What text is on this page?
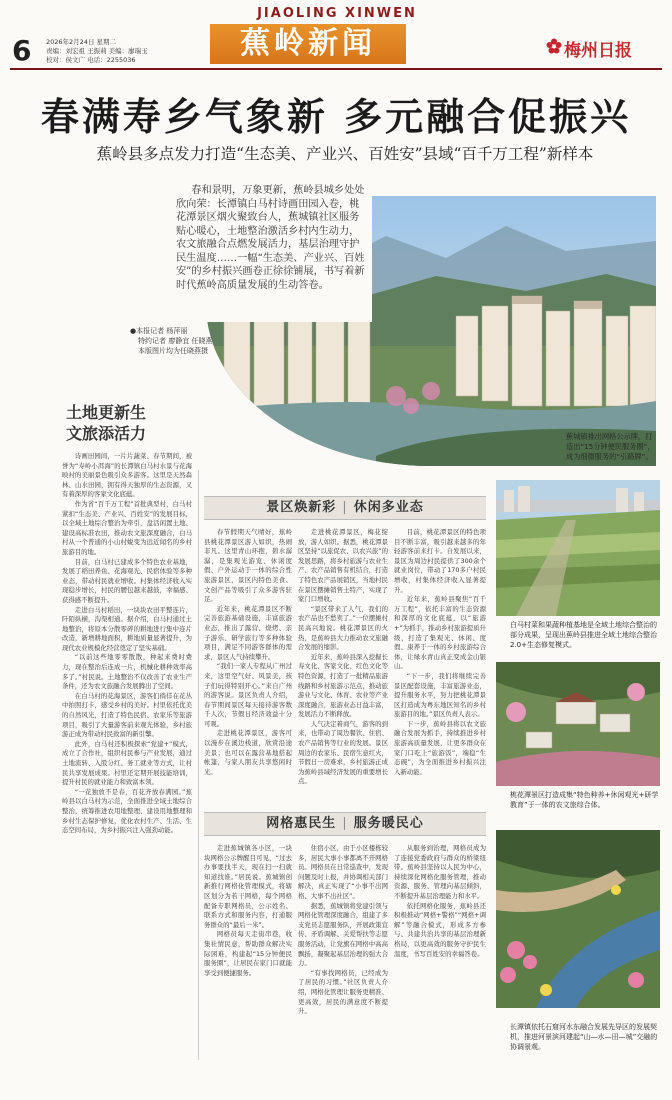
6 2026年2月24日 星期二
责编：刘宏祖 王振莉 美编：廖瑞玉
校对：侯文广 电话：2255036
JIAOLING XINWEN
蕉岭新闻	梅州日报
春满寿乡气象新 多元融合促振兴
蕉岭县多点发力打造“生态美、产业兴、百姓安”县域“百千万工程”新样本
蕉城镇推出网格公示牌，打造出“15分钟便民服务圈”，成为细微服务的“引路牌”。

春和景明，万象更新，蕉岭县城乡处处欣向荣：长潭镇白马村诗画田园入卷，桃花潭景区烟火聚致台人，蕉城镇社区服务贴心暖心，土地整治激活乡村内生动力，农文旅融合点燃发展活力，基层治理守护民生温度……一幅“生态美、产业兴、百姓安”的乡村振兴画卷正徐徐铺展，书写着新时代蕉岭高质量发展的生动答卷。

●本报记者 杨萍丽
特约记者 廖静宜 任晓燕
本版图片均为任晓燕摄
土地更新生
文旅添活力

诗画田园间，一片片蔬菜、春节期间，被誉为“寿岭小洱海”的长潭镇白马村水景与花海映衬的美丽景色吸引众多游客。这里是天然森林、山水田园，拥有得天独厚的生态资源，又有着深厚的客家文化底蕴。

作为省“百千万工程”首批典型村，白马村紧扣“生态美、产业兴、百姓安”的发展目标，以全域土地综合整治为牵引，盘活闲置土地、建设高标准农田，推动农文旅深度融合，白马村从一个普通的小山村蜕变为远近闻名的乡村旅游目的地。

目前，白马村已建成多个特色农业基地，发展了稻田养鱼、花海观光、民宿体验等多种业态，带动村民就业增收。村集体经济收入实现稳步增长，村民的腰包越来越鼓，幸福感、获得感不断提升。

走进白马村稻田，一块块农田平整连片，阡陌纵横，沟渠相通。据介绍，白马村通过土地整治，将原本分散零碎的耕地进行集中连片改造，新增耕地面积，耕地质量显著提升，为现代农业规模化经营奠定了坚实基础。

“以前这些地零零散散，种起来费时费力，现在整治后连成一片，机械化耕种效率高多了。”村民说。土地整治不仅改善了农业生产条件，还为农文旅融合发展腾出了空间。

在白马村的花海景区，游客们徜徉在花丛中拍照打卡，感受乡村的美好。村里依托优美的自然风光，打造了特色民宿、农家乐等旅游项目，吸引了大量游客前来观光体验，乡村旅游正成为带动村民致富的新引擎。

此外，白马村还积极探索“党建+”模式，成立了合作社，组织村民参与产业发展，通过土地流转、入股分红、务工就业等方式，让村民共享发展成果。村里还定期开展技能培训，提升村民的就业能力和致富本领。

“一花独放不是春，百花齐放春满园。”蕉岭县以白马村为示范，全面推进全域土地综合整治，统筹推进农用地整理、建设用地整理和乡村生态保护修复，优化农村生产、生活、生态空间布局，为乡村振兴注入强劲动能。

景区焕新彩 | 休闲多业态

春节假期天气晴好，蕉岭县桃花潭景区游人如织，热闹非凡。这里青山环抱，碧水潺潺，是集观光游览、休闲度假、户外运动于一体的综合性旅游景区，景区内特色美食、文创产品等吸引了众多游客驻足。

近年来，桃花潭景区不断完善旅游基础设施，丰富旅游业态，推出了露营、烧烤、亲子游乐、研学旅行等多种体验项目，满足不同游客群体的需求，景区人气持续攀升。

“我们一家人专程从广州过来，这里空气好、风景美，孩子们玩得特别开心。”来自广州的游客说。景区负责人介绍，春节期间景区每天接待游客数千人次，节假日经济效益十分可观。

走进桃花潭景区，游客可以漫步在溪边栈道，欣赏沿途美景；也可以在露营基地搭起帐篷，与家人朋友共享悠闲时光。

走进桃花潭景区，梅花绽放，游人如织。据悉，桃花潭景区坚持“以旅促农、以农兴旅”的发展思路，将乡村旅游与农业生产、农产品销售有机结合，打造了特色农产品展销区，当地村民在景区摆摊销售土特产，实现了家门口增收。

“景区带来了人气，我们的农产品也不愁卖了。”一位摆摊村民高兴地说。桃花潭景区的火热，是蕉岭县大力推动农文旅融合发展的缩影。

近年来，蕉岭县深入挖掘长寿文化、客家文化、红色文化等特色资源，打造了一批精品旅游线路和乡村旅游示范点，推动旅游业与文化、体育、农业等产业深度融合，旅游业态日益丰富，发展活力不断释放。

人气决定着商气，游客的到来，也带动了周边餐饮、住宿、农产品销售等行业的发展。景区周边的农家乐、民宿生意红火，节假日一房难求，乡村旅游正成为蕉岭县域经济发展的重要增长点。

目前，桃花潭景区的特色项目不断丰富，吸引越来越多的年轻游客前来打卡。自发展以来，景区为周边村民提供了300余个就业岗位，带动了170多户村民增收，村集体经济收入显著提升。

近年来，蕉岭县聚焦“百千万工程”，依托丰富的生态资源和深厚的文化底蕴，以“旅游+”为抓手，推动乡村旅游提质升级，打造了集观光、休闲、度假、康养于一体的乡村旅游综合体，让绿水青山真正变成金山银山。

“下一步，我们将继续完善景区配套设施，丰富旅游业态，提升服务水平，努力把桃花潭景区打造成为粤东地区知名的乡村旅游目的地。”景区负责人表示。

下一步，蕉岭县将以农文旅融合发展为抓手，持续推进乡村旅游高质量发展，让更多群众在家门口吃上“旅游饭”，端稳“生态碗”，为全面推进乡村振兴注入新动能。

白马村菜和果蔬种植基地是全域土地综合整治的部分成果，呈现出蕉岭县推进全域土地综合整治2.0+生态修复模式。
桃花潭景区打造成集“特色种养+休闲观光+研学教育”于一体的农文旅综合体。
网格惠民生 | 服务暖民心

走进蕉城镇各小区，一块块网格公示牌醒目可见，“过去办事要找半天，现在扫一扫就知道找谁。”居民说。蕉城镇创新推行网格化管理模式，将辖区划分为若干网格，每个网格配备专职网格员，公示姓名、联系方式和服务内容，打通服务群众的“最后一米”。

网格员每天走街串巷，收集社情民意，帮助群众解决实际困难，构建起“15分钟便民服务圈”，让居民在家门口就能享受到便捷服务。

住宿小区，由于小区楼栋较多，居民大事小事都离不开网格员。网格员在日常巡查中，发现问题及时上报，并协调相关部门解决，真正实现了“小事不出网格、大事不出社区”。

据悉，蕉城镇将党建引领与网格化管理深度融合，组建了多支党员志愿服务队，开展政策宣传、矛盾调解、关爱帮扶等志愿服务活动，让党旗在网格中高高飘扬，凝聚起基层治理的强大合力。

“有事找网格员，已经成为了居民的习惯。”社区负责人介绍，网格化管理让服务更精准、更高效，居民的满意度不断提升。

从服务到治理，网格员成为了连接党委政府与群众的桥梁纽带。蕉岭县坚持以人民为中心，持续深化网格化服务管理，推动资源、服务、管理向基层倾斜，不断提升基层治理能力和水平。

依托网格化服务，蕉岭县还积极推动“网格+警格”“网格+调解”等融合模式，形成多方参与、共建共治共享的基层治理新格局，以更高效的服务守护民生温度，书写百姓安的幸福答卷。

长潭镇依托石窟河水东融合发展先导区的发展契机，推进河景滨河建起“山—水—田—城”交融的协调景观。
